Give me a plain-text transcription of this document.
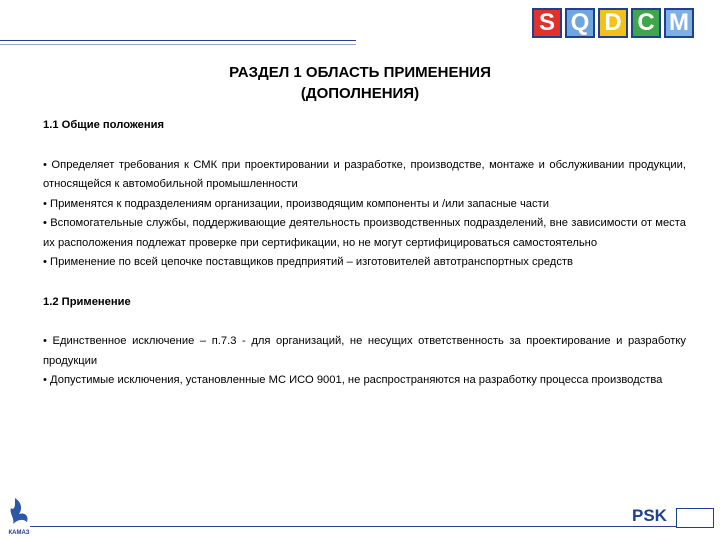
S Q D C M
РАЗДЕЛ 1 ОБЛАСТЬ ПРИМЕНЕНИЯ
(ДОПОЛНЕНИЯ)
1.1 Общие положения
• Определяет требования к СМК при проектировании и разработке, производстве, монтаже и обслуживании продукции, относящейся к автомобильной промышленности
• Применятся к подразделениям организации, производящим компоненты и /или запасные части
• Вспомогательные службы, поддерживающие деятельность производственных подразделений, вне зависимости от места их расположения подлежат проверке при сертификации, но не могут сертифицироваться самостоятельно
• Применение по всей цепочке поставщиков предприятий – изготовителей автотранспортных средств
1.2 Применение
• Единственное исключение – п.7.3 - для организаций, не несущих ответственность за проектирование и разработку продукции
• Допустимые исключения, установленные МС ИСО 9001, не распространяются на разработку процесса производства
КАМАЗ
PSK
